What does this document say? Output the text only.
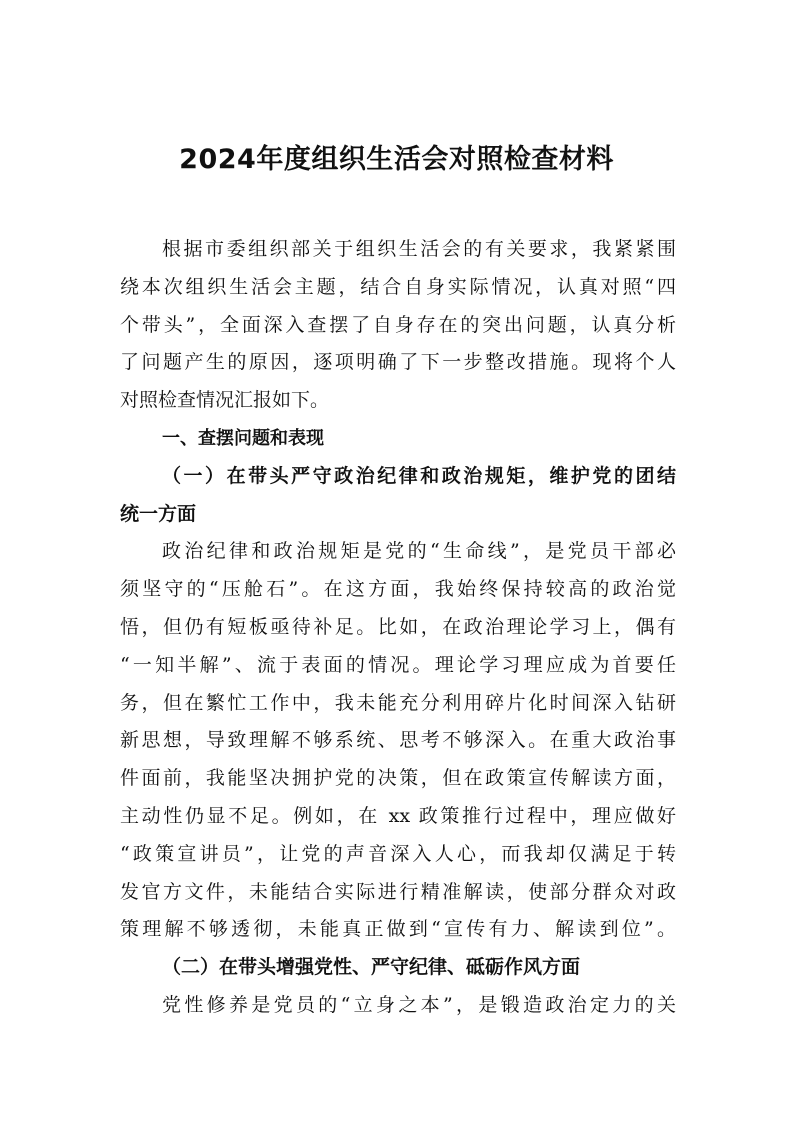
2024年度组织生活会对照检查材料
根据市委组织部关于组织生活会的有关要求，我紧紧围
绕本次组织生活会主题，结合自身实际情况，认真对照“四
个带头”，全面深入查摆了自身存在的突出问题，认真分析
了问题产生的原因，逐项明确了下一步整改措施。现将个人
对照检查情况汇报如下。
一、查摆问题和表现
（一）在带头严守政治纪律和政治规矩，维护党的团结
统一方面
政治纪律和政治规矩是党的“生命线”，是党员干部必
须坚守的“压舱石”。在这方面，我始终保持较高的政治觉
悟，但仍有短板亟待补足。比如，在政治理论学习上，偶有
“一知半解”、流于表面的情况。理论学习理应成为首要任
务，但在繁忙工作中，我未能充分利用碎片化时间深入钻研
新思想，导致理解不够系统、思考不够深入。在重大政治事
件面前，我能坚决拥护党的决策，但在政策宣传解读方面，
主动性仍显不足。例如，在 xx 政策推行过程中，理应做好
“政策宣讲员”，让党的声音深入人心，而我却仅满足于转
发官方文件，未能结合实际进行精准解读，使部分群众对政
策理解不够透彻，未能真正做到“宣传有力、解读到位”。
（二）在带头增强党性、严守纪律、砥砺作风方面
党性修养是党员的“立身之本”，是锻造政治定力的关
